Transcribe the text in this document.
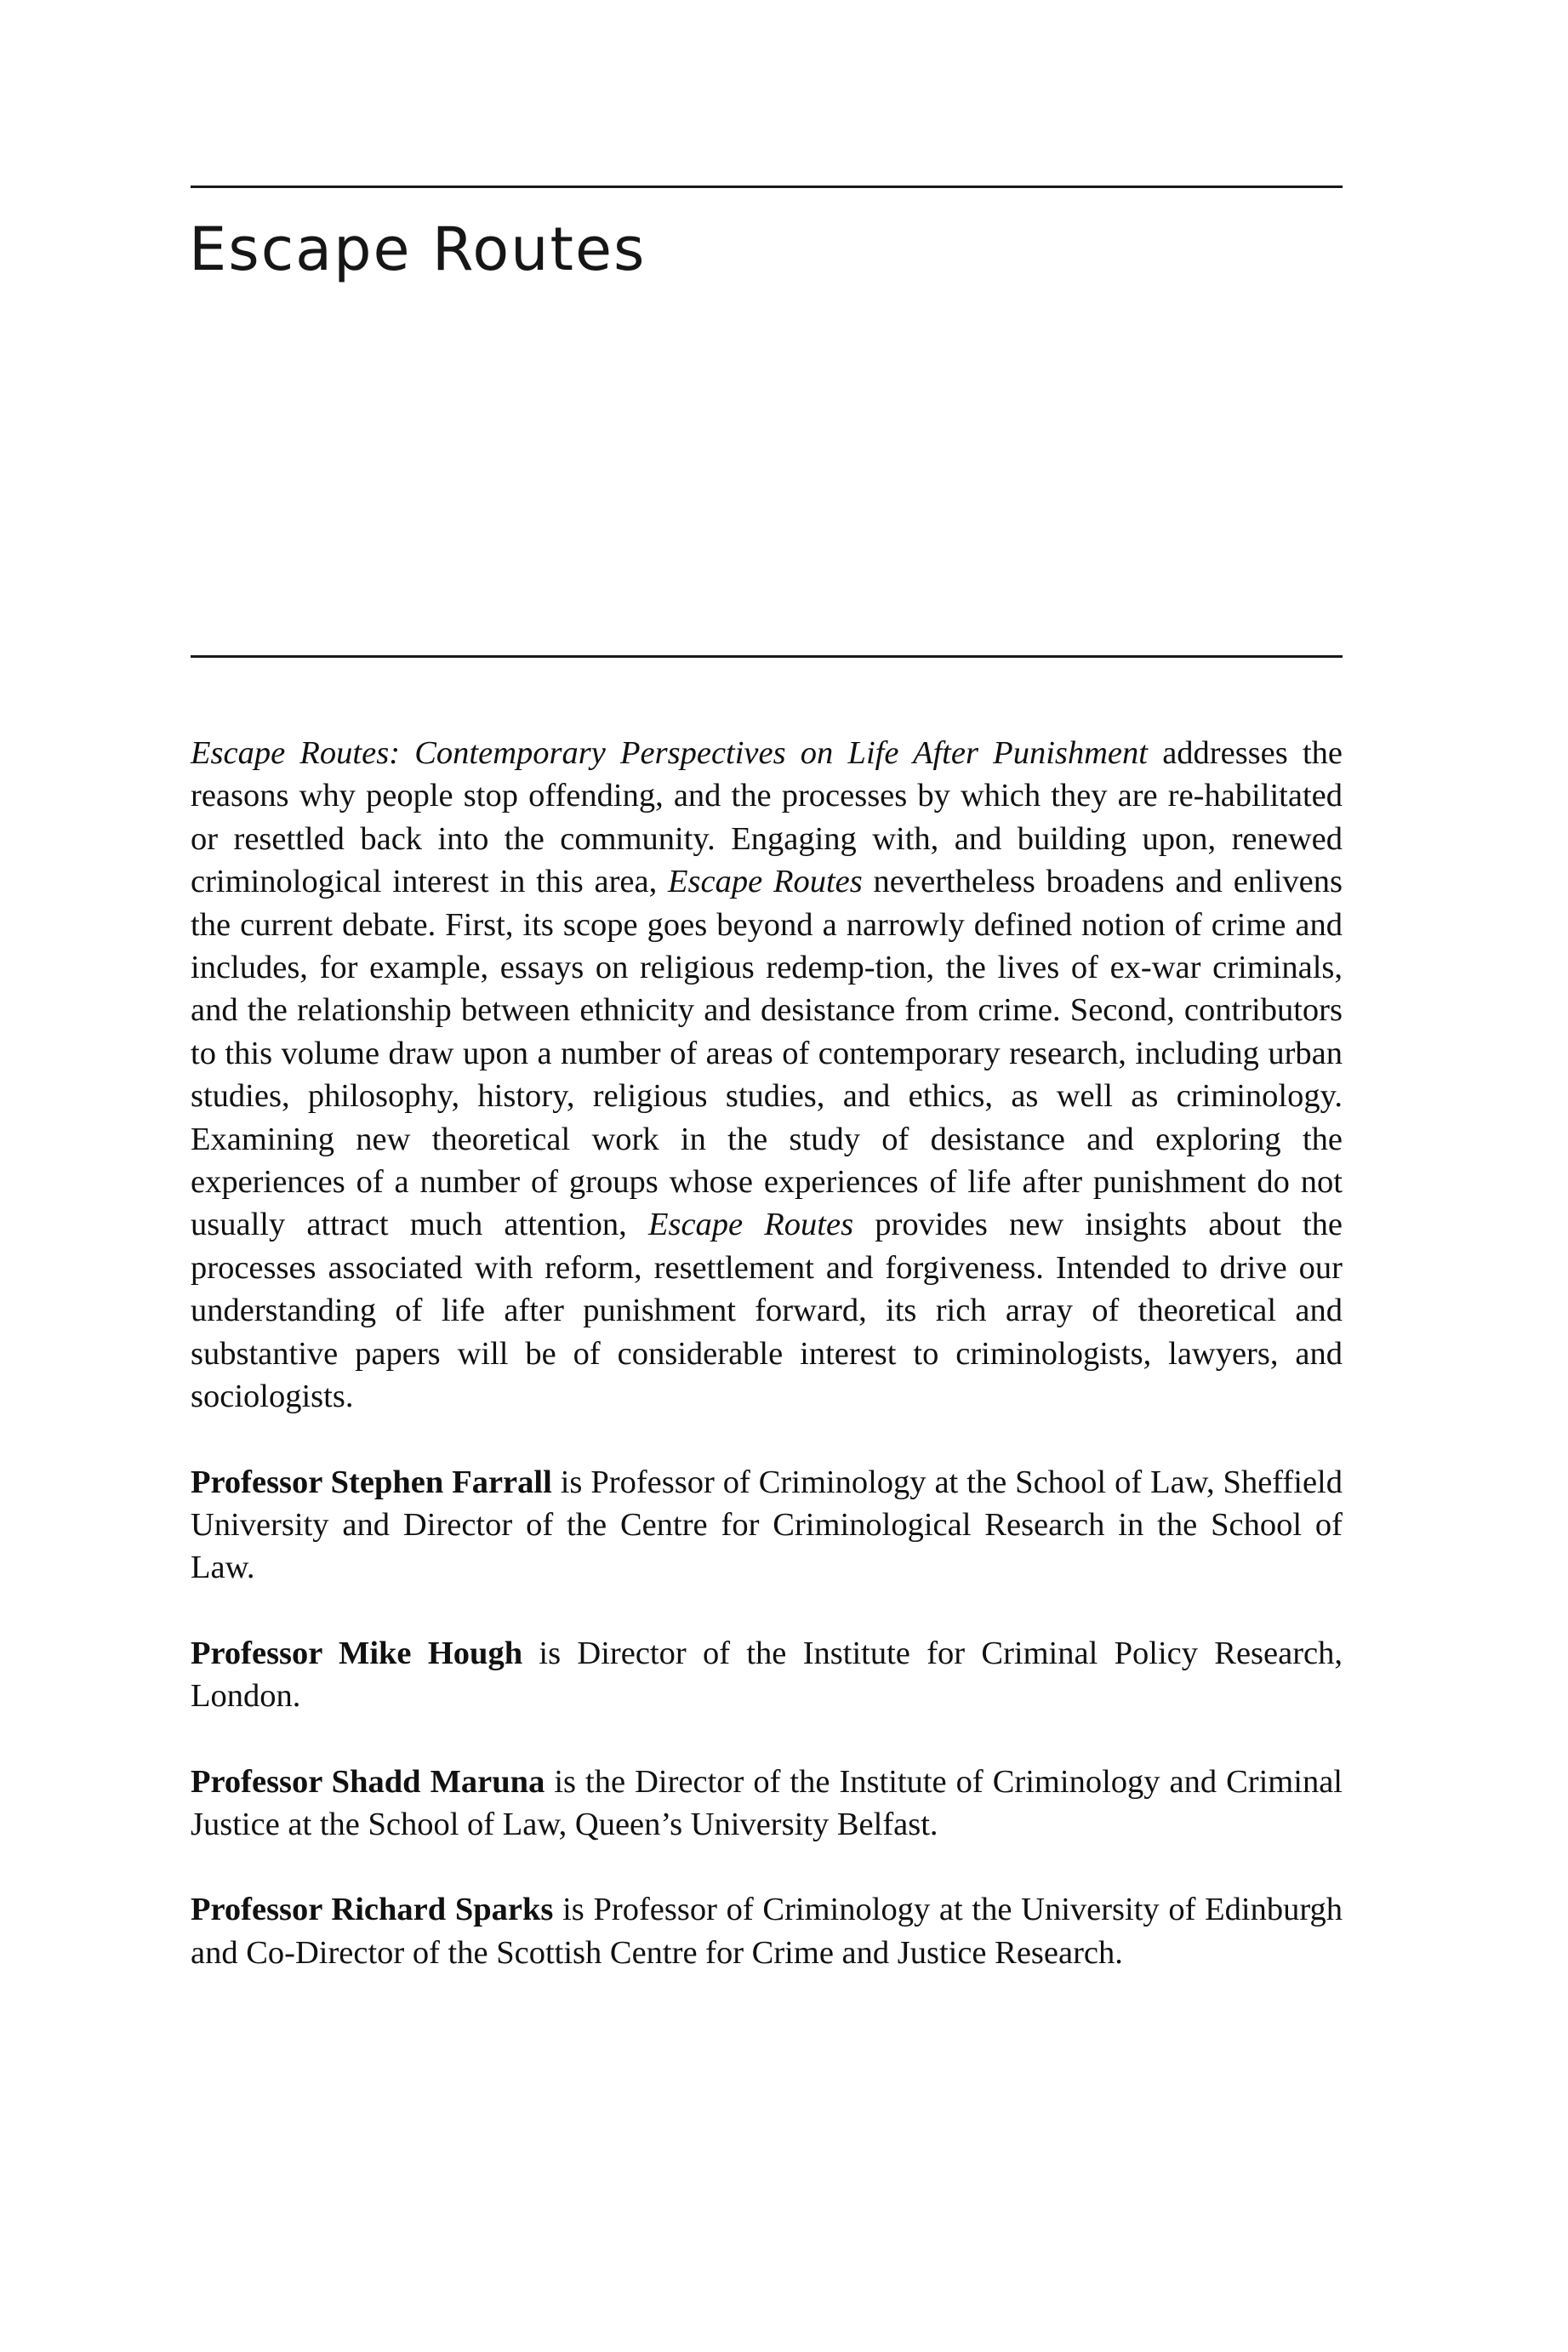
Escape Routes

Escape Routes: Contemporary Perspectives on Life After Punishment addresses the reasons why people stop offending, and the processes by which they are re-habilitated or resettled back into the community. Engaging with, and building upon, renewed criminological interest in this area, Escape Routes nevertheless broadens and enlivens the current debate. First, its scope goes beyond a narrowly defined notion of crime and includes, for example, essays on religious redemp-tion, the lives of ex-war criminals, and the relationship between ethnicity and desistance from crime. Second, contributors to this volume draw upon a number of areas of contemporary research, including urban studies, philosophy, history, religious studies, and ethics, as well as criminology. Examining new theoretical work in the study of desistance and exploring the experiences of a number of groups whose experiences of life after punishment do not usually attract much attention, Escape Routes provides new insights about the processes associated with reform, resettlement and forgiveness. Intended to drive our understanding of life after punishment forward, its rich array of theoretical and substantive papers will be of considerable interest to criminologists, lawyers, and sociologists.

Professor Stephen Farrall is Professor of Criminology at the School of Law, Sheffield University and Director of the Centre for Criminological Research in the School of Law.

Professor Mike Hough is Director of the Institute for Criminal Policy Research, London.

Professor Shadd Maruna is the Director of the Institute of Criminology and Criminal Justice at the School of Law, Queen’s University Belfast.

Professor Richard Sparks is Professor of Criminology at the University of Edinburgh and Co-Director of the Scottish Centre for Crime and Justice Research.
